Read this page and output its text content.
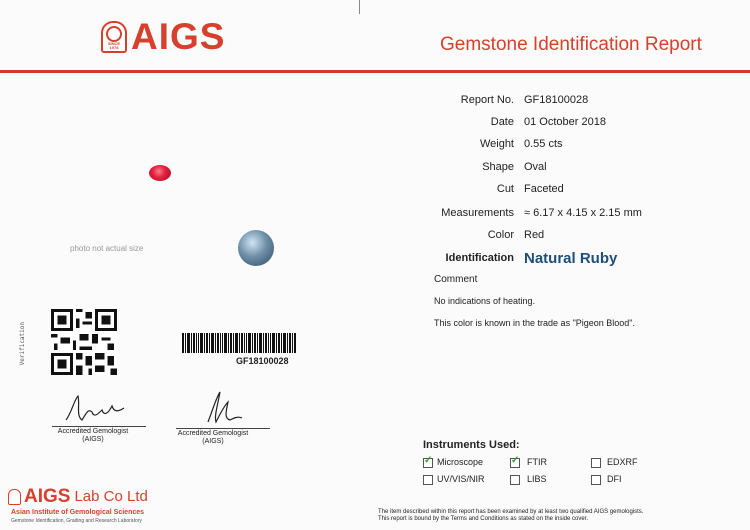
SINCE 1978 AIGS	Gemstone Identification Report
Report No. GF18100028
Date 01 October 2018
Weight 0.55 cts
Shape Oval
Cut Faceted
Measurements ≈ 6.17 x 4.15 x 2.15 mm
Color Red
Identification Natural Ruby
Comment
No indications of heating.
This color is known in the trade as "Pigeon Blood".
photo not actual size
Verification	GF18100028
Accredited Gemologist
(AIGS)
Accredited Gemologist
(AIGS)	Instruments Used:
✓ Microscope	✓ FTIR	EDXRF
UV/VIS/NIR	LIBS	DFI
The item described within this report has been examined by at least two qualified AIGS gemologists.
This report is bound by the Terms and Conditions as stated on the inside cover.
AIGS Lab Co Ltd
Asian Institute of Gemological Sciences
Gemstone Identification, Grading and Research Laboratory
